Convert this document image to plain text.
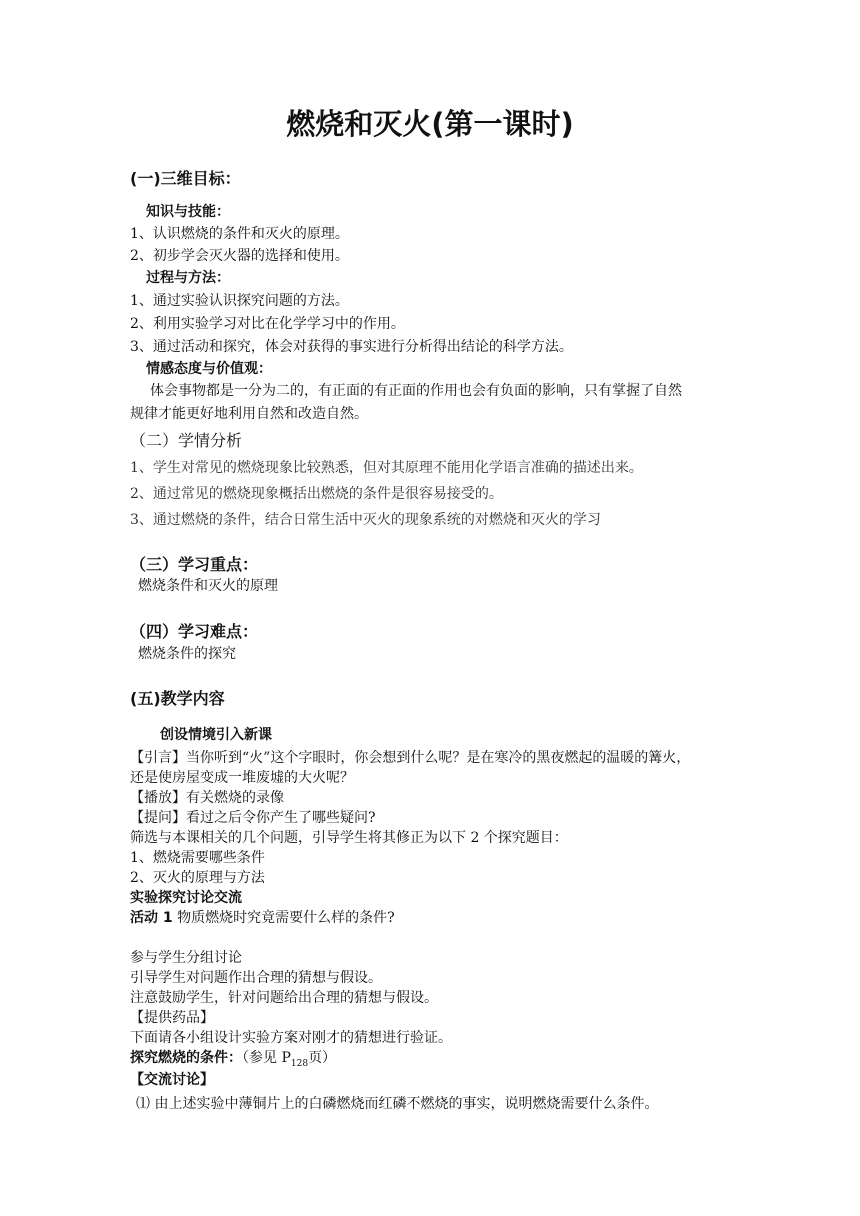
燃烧和灭火(第一课时)
(一)三维目标：
知识与技能：
1、认识燃烧的条件和灭火的原理。
2、初步学会灭火器的选择和使用。
过程与方法：
1、通过实验认识探究问题的方法。
2、利用实验学习对比在化学学习中的作用。
3、通过活动和探究，体会对获得的事实进行分析得出结论的科学方法。
情感态度与价值观：
体会事物都是一分为二的，有正面的有正面的作用也会有负面的影响，只有掌握了自然
规律才能更好地利用自然和改造自然。
（二）学情分析
1、学生对常见的燃烧现象比较熟悉，但对其原理不能用化学语言准确的描述出来。
2、通过常见的燃烧现象概括出燃烧的条件是很容易接受的。
3、通过燃烧的条件，结合日常生活中灭火的现象系统的对燃烧和灭火的学习
（三）学习重点：
燃烧条件和灭火的原理
（四）学习难点：
燃烧条件的探究
(五)教学内容
创设情境引入新课
【引言】当你听到“火”这个字眼时，你会想到什么呢？是在寒冷的黑夜燃起的温暖的篝火，
还是使房屋变成一堆废墟的大火呢？
【播放】有关燃烧的录像
【提问】看过之后令你产生了哪些疑问?
筛选与本课相关的几个问题，引导学生将其修正为以下 2 个探究题目：
1、燃烧需要哪些条件
2、灭火的原理与方法
实验探究讨论交流
活动 1 物质燃烧时究竟需要什么样的条件?
参与学生分组讨论
引导学生对问题作出合理的猜想与假设。
注意鼓励学生，针对问题给出合理的猜想与假设。
【提供药品】
下面请各小组设计实验方案对刚才的猜想进行验证。
探究燃烧的条件：（参见 $P_{128}$页）
【交流讨论】
⑴ 由上述实验中薄铜片上的白磷燃烧而红磷不燃烧的事实，说明燃烧需要什么条件。
